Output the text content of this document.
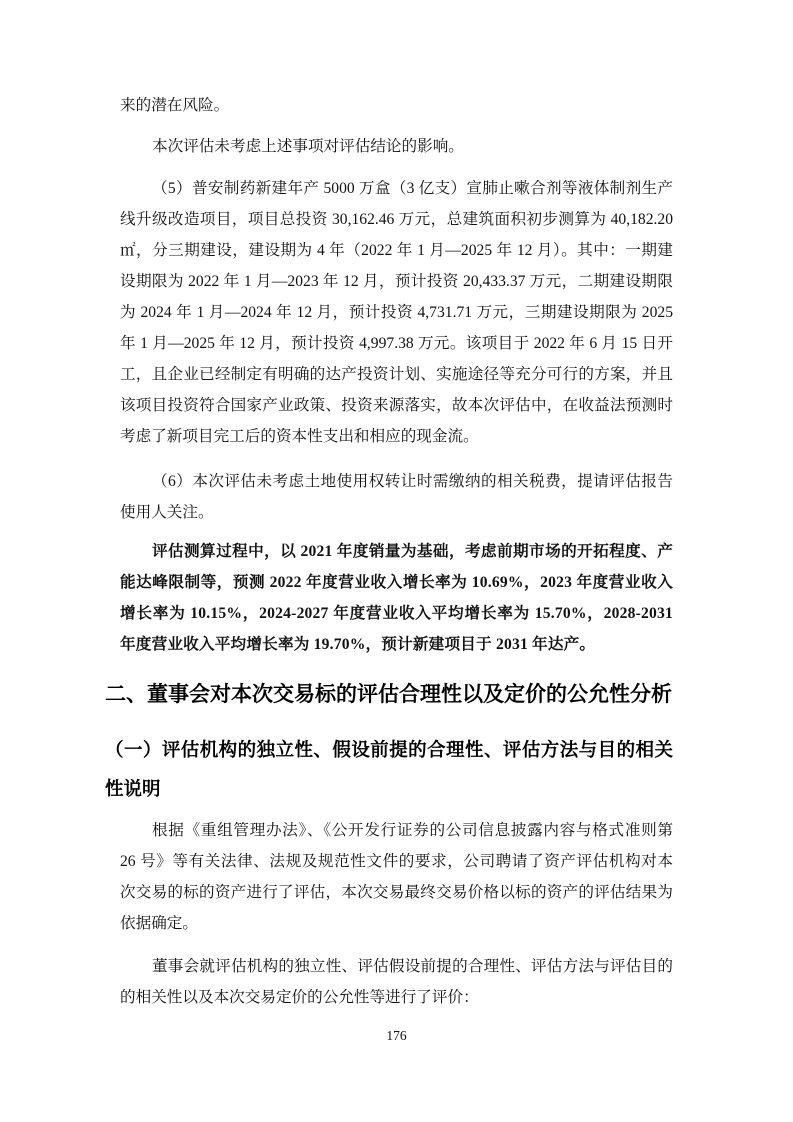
来的潜在风险。
本次评估未考虑上述事项对评估结论的影响。
（5）普安制药新建年产 5000 万盒（3 亿支）宣肺止嗽合剂等液体制剂生产
线升级改造项目，项目总投资 30,162.46 万元，总建筑面积初步测算为 40,182.20
㎡，分三期建设，建设期为 4 年（2022 年 1 月—2025 年 12 月）。其中：一期建
设期限为 2022 年 1 月—2023 年 12 月，预计投资 20,433.37 万元，二期建设期限
为 2024 年 1 月—2024 年 12 月，预计投资 4,731.71 万元，三期建设期限为 2025
年 1 月—2025 年 12 月，预计投资 4,997.38 万元。该项目于 2022 年 6 月 15 日开
工，且企业已经制定有明确的达产投资计划、实施途径等充分可行的方案，并且
该项目投资符合国家产业政策、投资来源落实，故本次评估中，在收益法预测时
考虑了新项目完工后的资本性支出和相应的现金流。
（6）本次评估未考虑土地使用权转让时需缴纳的相关税费，提请评估报告
使用人关注。
评估测算过程中，以 2021 年度销量为基础，考虑前期市场的开拓程度、产
能达峰限制等，预测 2022 年度营业收入增长率为 10.69%，2023 年度营业收入
增长率为 10.15%，2024-2027 年度营业收入平均增长率为 15.70%，2028-2031
年度营业收入平均增长率为 19.70%，预计新建项目于 2031 年达产。
二、董事会对本次交易标的评估合理性以及定价的公允性分析
（一）评估机构的独立性、假设前提的合理性、评估方法与目的相关
性说明
根据《重组管理办法》、《公开发行证券的公司信息披露内容与格式准则第
26 号》等有关法律、法规及规范性文件的要求，公司聘请了资产评估机构对本
次交易的标的资产进行了评估，本次交易最终交易价格以标的资产的评估结果为
依据确定。
董事会就评估机构的独立性、评估假设前提的合理性、评估方法与评估目的
的相关性以及本次交易定价的公允性等进行了评价：
176
